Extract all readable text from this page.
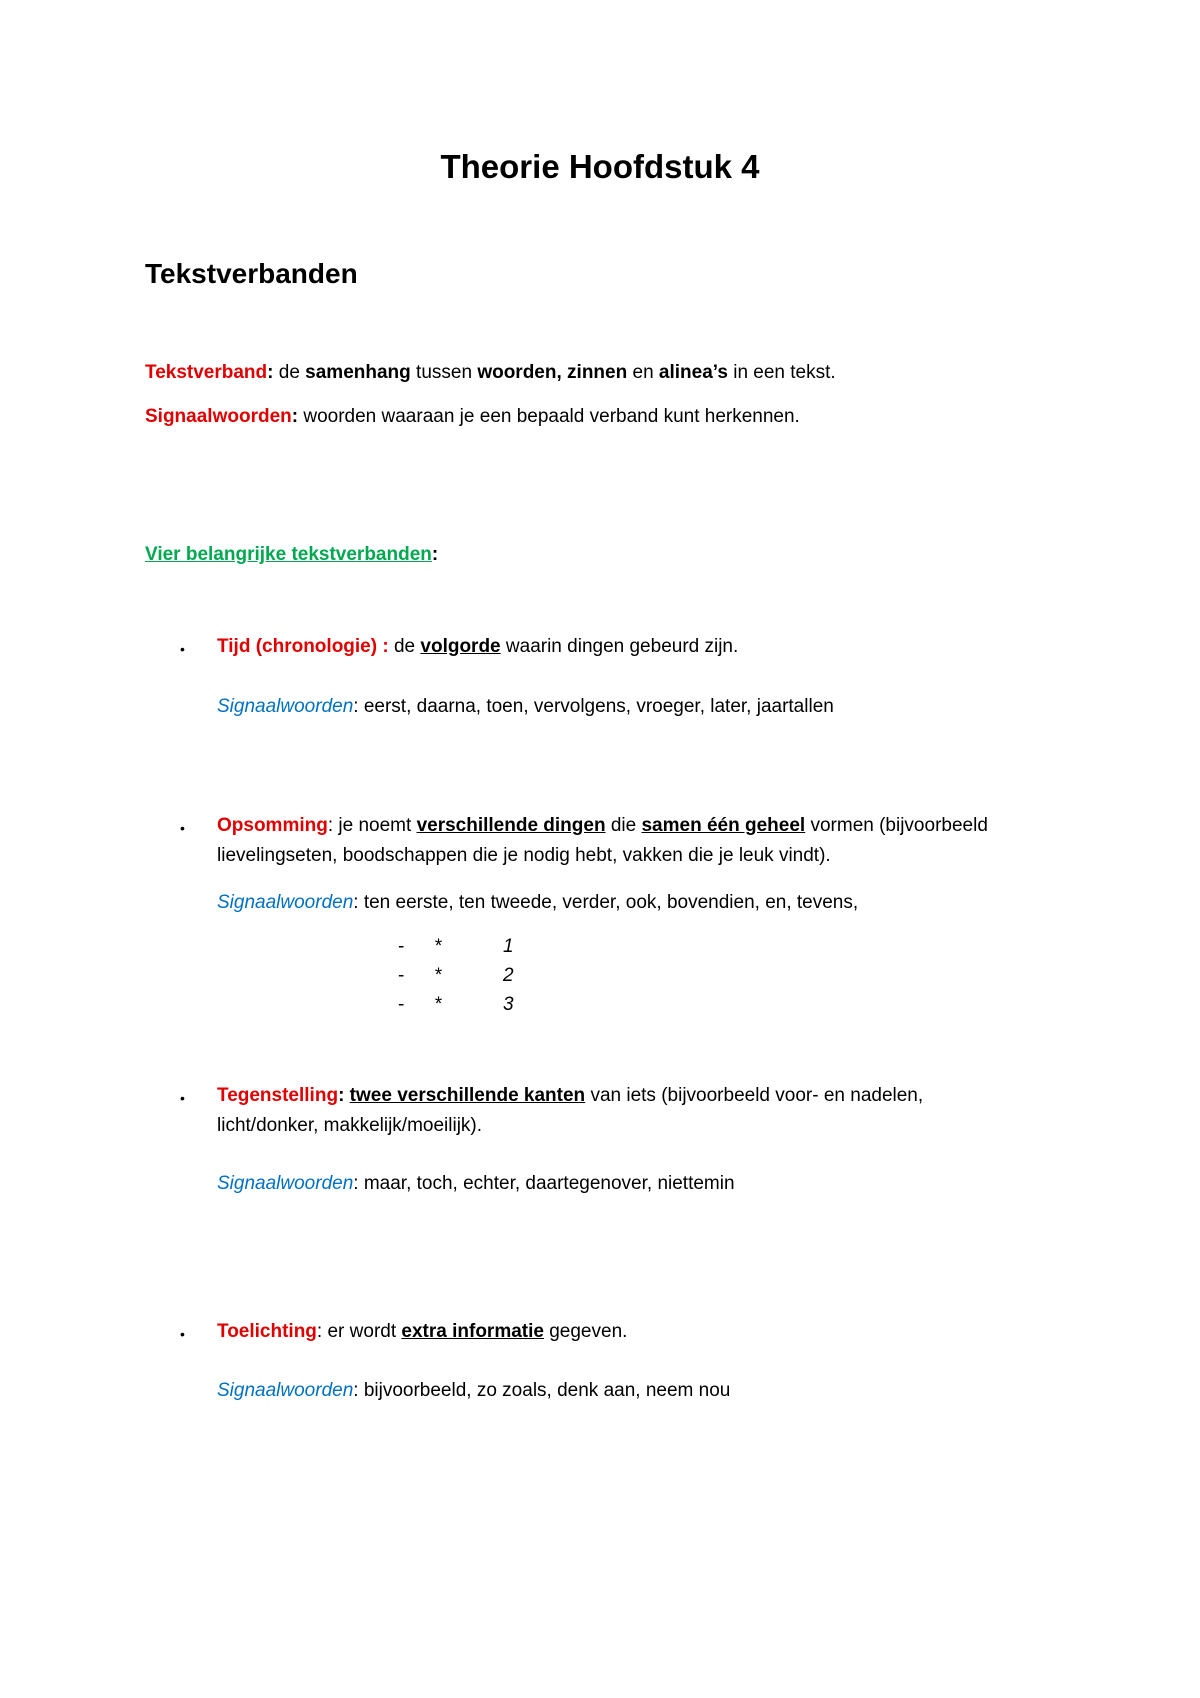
Theorie Hoofdstuk 4
Tekstverbanden
Tekstverband: de samenhang tussen woorden, zinnen en alinea’s in een tekst.
Signaalwoorden: woorden waaraan je een bepaald verband kunt herkennen.
Vier belangrijke tekstverbanden:
• Tijd (chronologie) : de volgorde waarin dingen gebeurd zijn.
Signaalwoorden: eerst, daarna, toen, vervolgens, vroeger, later, jaartallen
• Opsomming: je noemt verschillende dingen die samen één geheel vormen (bijvoorbeeld
lievelingseten, boodschappen die je nodig hebt, vakken die je leuk vindt).
Signaalwoorden: ten eerste, ten tweede, verder, ook, bovendien, en, tevens,
- *	1
- *	2
- *	3
• Tegenstelling: twee verschillende kanten van iets (bijvoorbeeld voor- en nadelen,
licht/donker, makkelijk/moeilijk).
Signaalwoorden: maar, toch, echter, daartegenover, niettemin
• Toelichting: er wordt extra informatie gegeven.
Signaalwoorden: bijvoorbeeld, zo zoals, denk aan, neem nou
